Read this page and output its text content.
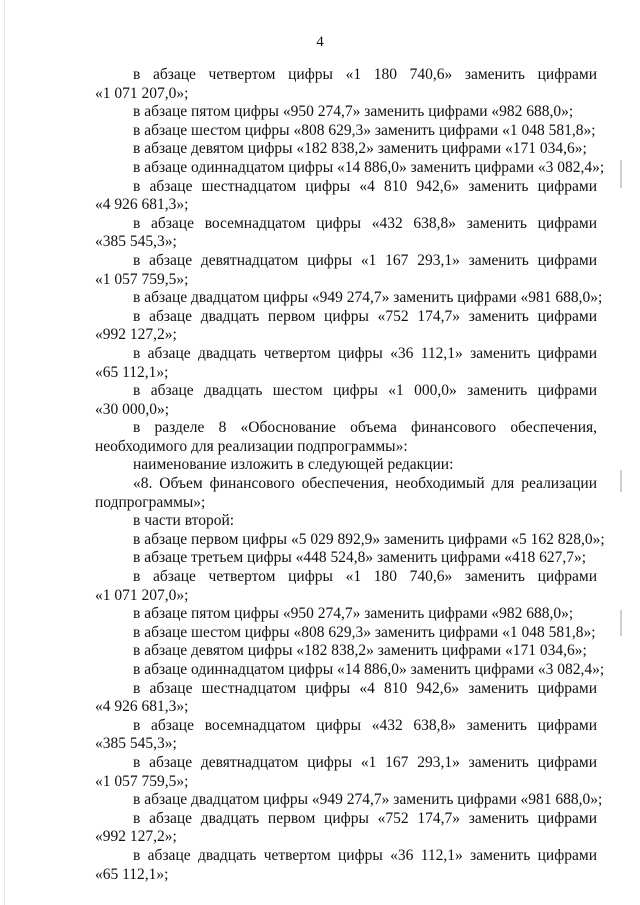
4

в абзаце четвертом цифры «1 180 740,6» заменить цифрами

«1 071 207,0»;

в абзаце пятом цифры «950 274,7» заменить цифрами «982 688,0»;

в абзаце шестом цифры «808 629,3» заменить цифрами «1 048 581,8»;

в абзаце девятом цифры «182 838,2» заменить цифрами «171 034,6»;

в абзаце одиннадцатом цифры «14 886,0» заменить цифрами «3 082,4»;

в абзаце шестнадцатом цифры «4 810 942,6» заменить цифрами

«4 926 681,3»;

в абзаце восемнадцатом цифры «432 638,8» заменить цифрами

«385 545,3»;

в абзаце девятнадцатом цифры «1 167 293,1» заменить цифрами

«1 057 759,5»;

в абзаце двадцатом цифры «949 274,7» заменить цифрами «981 688,0»;

в абзаце двадцать первом цифры «752 174,7» заменить цифрами

«992 127,2»;

в абзаце двадцать четвертом цифры «36 112,1» заменить цифрами

«65 112,1»;

в абзаце двадцать шестом цифры «1 000,0» заменить цифрами

«30 000,0»;

в разделе 8 «Обоснование объема финансового обеспечения,

необходимого для реализации подпрограммы»:

наименование изложить в следующей редакции:

«8. Объем финансового обеспечения, необходимый для реализации

подпрограммы»;

в части второй:

в абзаце первом цифры «5 029 892,9» заменить цифрами «5 162 828,0»;

в абзаце третьем цифры «448 524,8» заменить цифрами «418 627,7»;

в абзаце четвертом цифры «1 180 740,6» заменить цифрами

«1 071 207,0»;

в абзаце пятом цифры «950 274,7» заменить цифрами «982 688,0»;

в абзаце шестом цифры «808 629,3» заменить цифрами «1 048 581,8»;

в абзаце девятом цифры «182 838,2» заменить цифрами «171 034,6»;

в абзаце одиннадцатом цифры «14 886,0» заменить цифрами «3 082,4»;

в абзаце шестнадцатом цифры «4 810 942,6» заменить цифрами

«4 926 681,3»;

в абзаце восемнадцатом цифры «432 638,8» заменить цифрами

«385 545,3»;

в абзаце девятнадцатом цифры «1 167 293,1» заменить цифрами

«1 057 759,5»;

в абзаце двадцатом цифры «949 274,7» заменить цифрами «981 688,0»;

в абзаце двадцать первом цифры «752 174,7» заменить цифрами

«992 127,2»;

в абзаце двадцать четвертом цифры «36 112,1» заменить цифрами

«65 112,1»;
